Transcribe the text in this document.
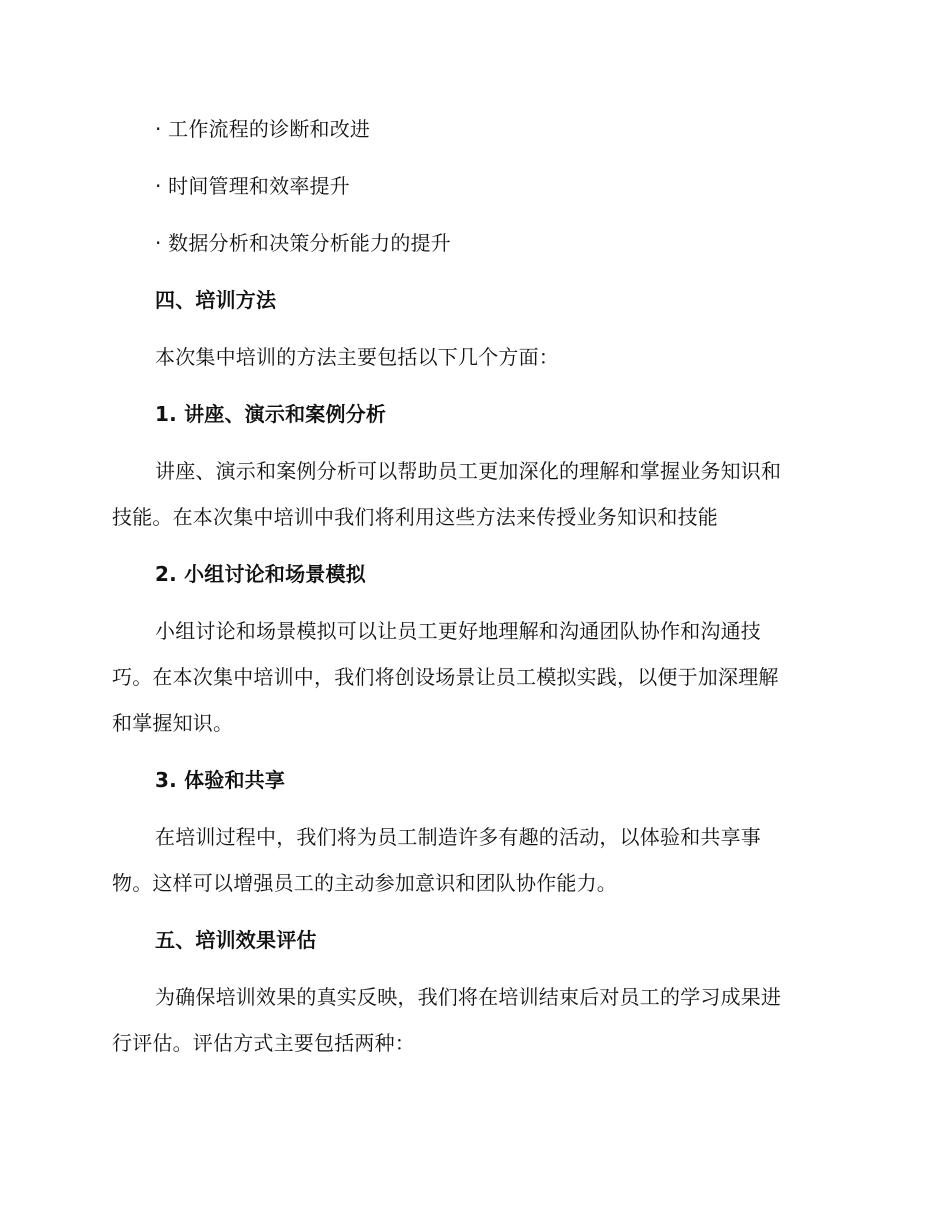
· 工作流程的诊断和改进
· 时间管理和效率提升
· 数据分析和决策分析能力的提升
四、培训方法
本次集中培训的方法主要包括以下几个方面：
1. 讲座、演示和案例分析
讲座、演示和案例分析可以帮助员工更加深化的理解和掌握业务知识和
技能。在本次集中培训中我们将利用这些方法来传授业务知识和技能
2. 小组讨论和场景模拟
小组讨论和场景模拟可以让员工更好地理解和沟通团队协作和沟通技
巧。在本次集中培训中，我们将创设场景让员工模拟实践，以便于加深理解
和掌握知识。
3. 体验和共享
在培训过程中，我们将为员工制造许多有趣的活动，以体验和共享事
物。这样可以增强员工的主动参加意识和团队协作能力。
五、培训效果评估
为确保培训效果的真实反映，我们将在培训结束后对员工的学习成果进
行评估。评估方式主要包括两种：
